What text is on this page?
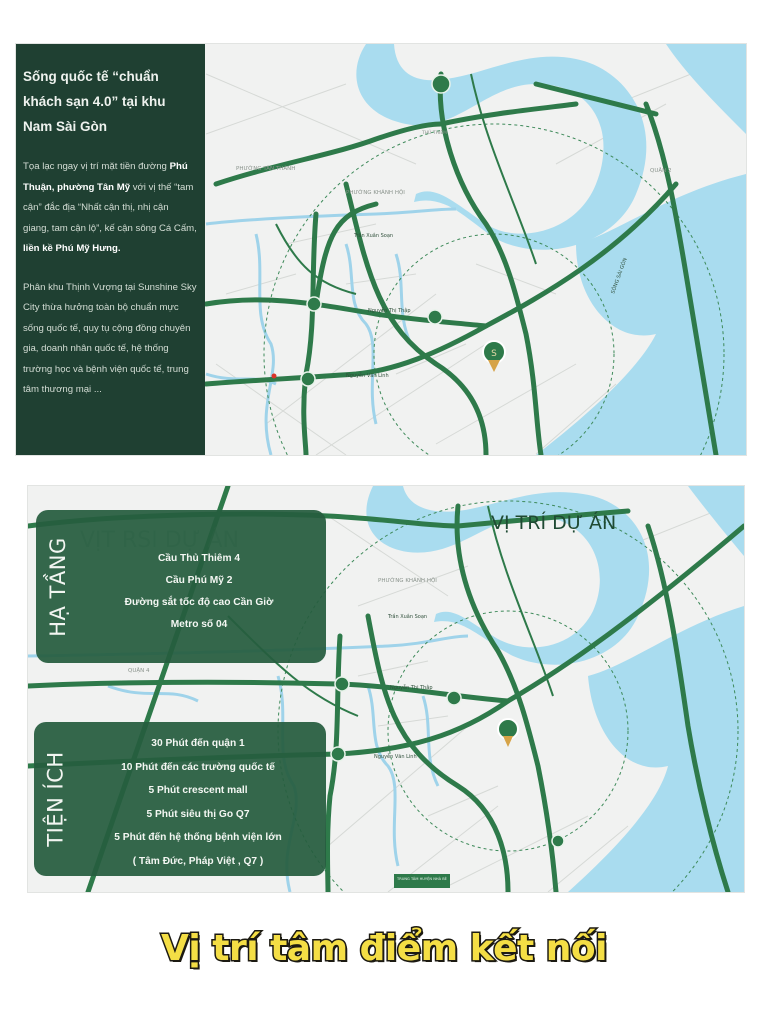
S
PHƯỜNG TÂN THÀNH
PHƯỜNG KHÁNH HỘI
QUẬN 2
THỦ THIÊM
Trần Xuân Soạn
Nguyễn Thị Thập
Nguyễn Văn Linh
SÔNG SÀI GÒN
Sống quốc tế “chuẩn khách sạn 4.0” tại khu Nam Sài Gòn

Tọa lạc ngay vị trí mặt tiền đường Phú Thuận, phường Tân Mỹ với vị thế “tam cận” đắc địa “Nhất cận thị, nhị cận giang, tam cận lộ”, kế cận sông Cá Cấm, liền kề Phú Mỹ Hưng.

Phân khu Thịnh Vượng tại Sunshine Sky City thừa hưởng toàn bộ chuẩn mực sống quốc tế, quy tụ cộng đồng chuyên gia, doanh nhân quốc tế, hệ thống trường học và bệnh viện quốc tế, trung tâm thương mại ...

TRUNG TÂM HUYỆN NHÀ BÈ
PHƯỜNG KHÁNH HỘI
QUẬN 4
Trần Xuân Soạn
Nguyễn Thị Thập
Nguyễn Văn Linh
VỊ TRÍ DỰ ÁN
HẠ TẦNG	Cầu Thủ Thiêm 4
Cầu Phú Mỹ 2
Đường sắt tốc độ cao Cần Giờ
Metro số 04
TIỆN ÍCH
30 Phút đến quận 1
10 Phút đến các trường quốc tế
5 Phút crescent mall
5 Phút siêu thị Go Q7
5 Phút đến hệ thống bệnh viện lớn
( Tâm Đức, Pháp Việt , Q7 )
Vị trí tâm điểm kết nối
